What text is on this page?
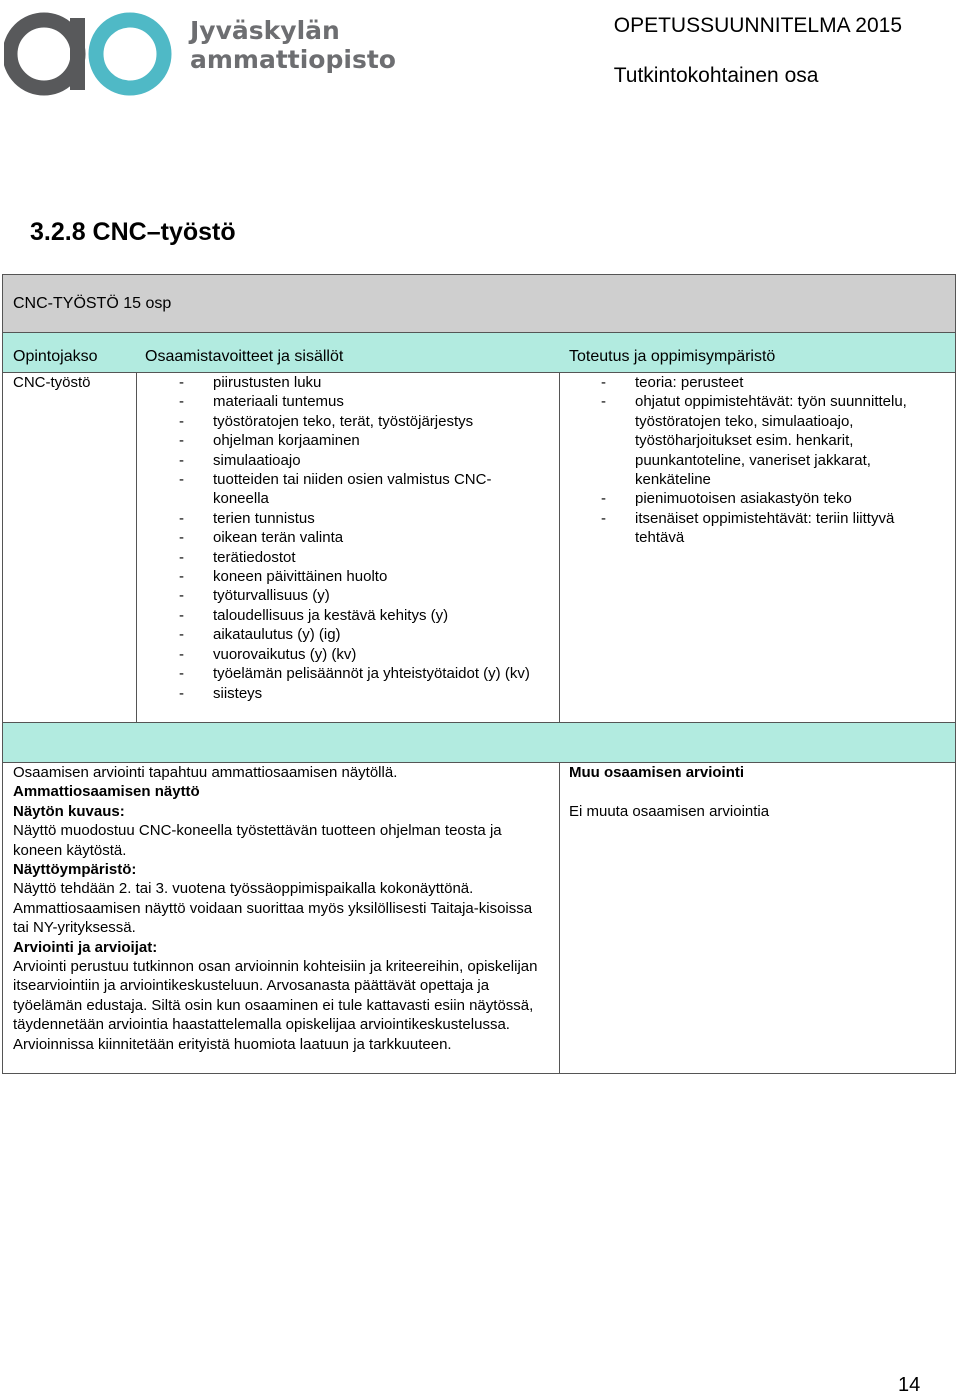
Jyväskylän
ammattiopisto
OPETUSSUUNNITELMA 2015
Tutkintokohtainen osa
3.2.8 CNC–työstö
CNC-TYÖSTÖ 15 osp
Opintojakso	Osaamistavoitteet ja sisällöt	Toteutus ja oppimisympäristö
CNC-työstö
-	piirustusten luku
- materiaali tuntemus
- työstöratojen teko, terät, työstöjärjestys
- ohjelman korjaaminen
- simulaatioajo
- tuotteiden tai niiden osien valmistus CNC-koneella
- terien tunnistus
- oikean terän valinta
- terätiedostot
- koneen päivittäinen huolto
- työturvallisuus (y)
- taloudellisuus ja kestävä kehitys (y)
- aikataulutus (y) (ig)
- vuorovaikutus (y) (kv)
- työelämän pelisäännöt ja yhteistyötaidot (y) (kv)
- siisteys
- teoria: perusteet
- ohjatut oppimistehtävät: työn suunnittelu, työstöratojen teko, simulaatioajo, työstöharjoitukset esim. henkarit, puunkantoteline, vaneriset jakkarat, kenkäteline
- pienimuotoisen asiakastyön teko
- itsenäiset oppimistehtävät: teriin liittyvä tehtävä
Osaamisen arviointi tapahtuu ammattiosaamisen näytöllä.
Ammattiosaamisen näyttö
Näytön kuvaus:
Näyttö muodostuu CNC-koneella työstettävän tuotteen ohjelman teosta ja koneen käytöstä.
Näyttöympäristö:
Näyttö tehdään 2. tai 3. vuotena työssäoppimispaikalla kokonäyttönä.
Ammattiosaamisen näyttö voidaan suorittaa myös yksilöllisesti Taitaja-kisoissa tai NY-yrityksessä.
Arviointi ja arvioijat:
Arviointi perustuu tutkinnon osan arvioinnin kohteisiin ja kriteereihin, opiskelijan itsearviointiin ja arviointikeskusteluun. Arvosanasta päättävät opettaja ja työelämän edustaja. Siltä osin kun osaaminen ei tule kattavasti esiin näytössä, täydennetään arviointia haastattelemalla opiskelijaa arviointikeskustelussa. Arvioinnissa kiinnitetään erityistä huomiota laatuun ja tarkkuuteen.
Muu osaamisen arviointi
Ei muuta osaamisen arviointia
14
